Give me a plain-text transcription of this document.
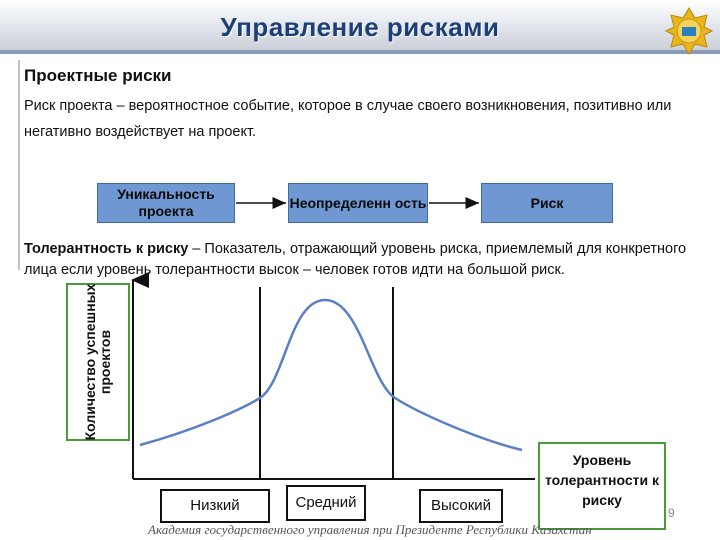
Управление рисками
Проектные риски
Риск проекта – вероятностное событие, которое в случае своего возникновения, позитивно или негативно воздействует на проект.
Уникальность проекта
Неопределенн ость	Риск
Толерантность к риску – Показатель, отражающий уровень риска, приемлемый для конкретного лица если уровень толерантности высок – человек готов идти на большой риск.
Количество успешных проектов
Низкий	Средний	Высокий
Уровень толерантности к риску
Академия государственного управления при Президенте Республики Казахстан
9
